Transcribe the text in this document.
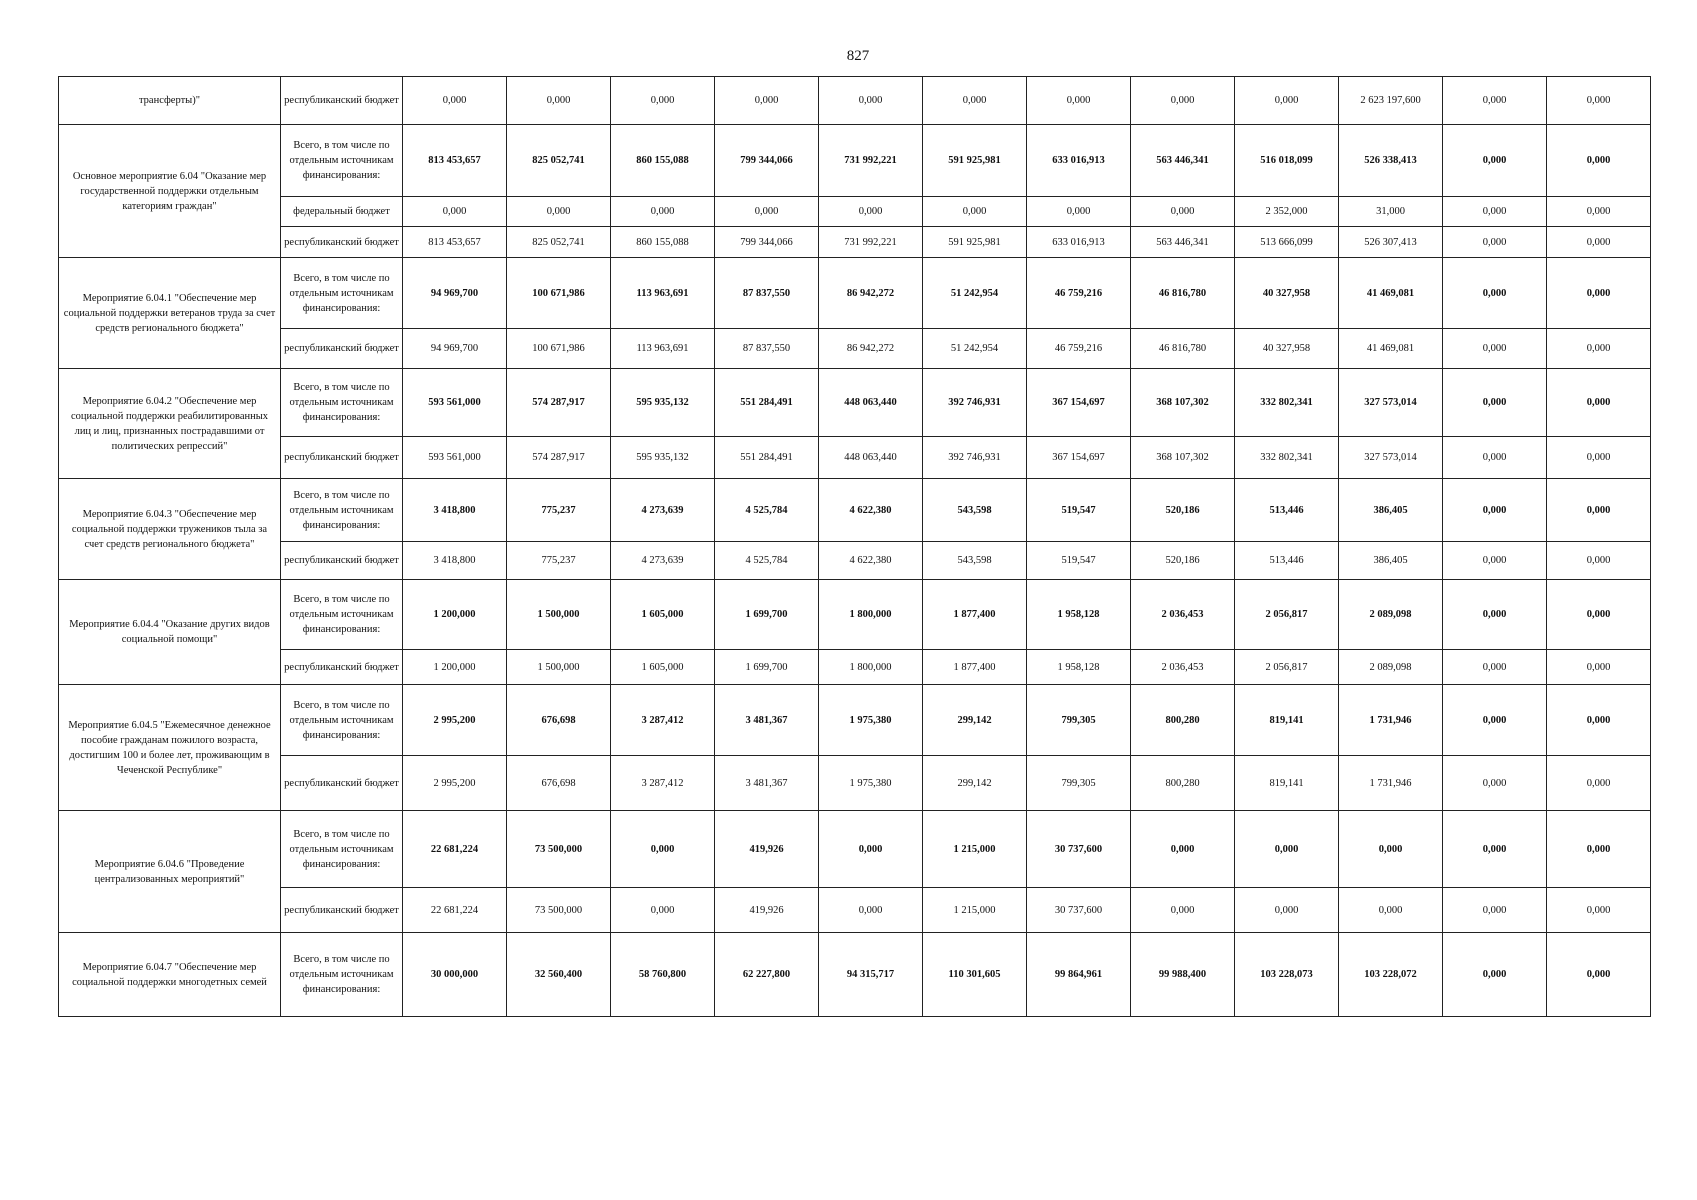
827
трансферты)"	республиканский бюджет	0,000	0,000	0,000	0,000	0,000	0,000	0,000	0,000	0,000	2 623 197,600	0,000	0,000
Основное мероприятие 6.04 "Оказание мер государственной поддержки отдельным категориям граждан"	Всего, в том числе по отдельным источникам финансирования:	813 453,657	825 052,741	860 155,088	799 344,066	731 992,221	591 925,981	633 016,913	563 446,341	516 018,099	526 338,413	0,000	0,000
	федеральный бюджет	0,000	0,000	0,000	0,000	0,000	0,000	0,000	0,000	2 352,000	31,000	0,000	0,000
	республиканский бюджет	813 453,657	825 052,741	860 155,088	799 344,066	731 992,221	591 925,981	633 016,913	563 446,341	513 666,099	526 307,413	0,000	0,000
Мероприятие 6.04.1 "Обеспечение мер социальной поддержки ветеранов труда за счет средств регионального бюджета"	Всего, в том числе по отдельным источникам финансирования:	94 969,700	100 671,986	113 963,691	87 837,550	86 942,272	51 242,954	46 759,216	46 816,780	40 327,958	41 469,081	0,000	0,000
	республиканский бюджет	94 969,700	100 671,986	113 963,691	87 837,550	86 942,272	51 242,954	46 759,216	46 816,780	40 327,958	41 469,081	0,000	0,000
Мероприятие 6.04.2 "Обеспечение мер социальной поддержки реабилитированных лиц и лиц, признанных пострадавшими от политических репрессий"	Всего, в том числе по отдельным источникам финансирования:	593 561,000	574 287,917	595 935,132	551 284,491	448 063,440	392 746,931	367 154,697	368 107,302	332 802,341	327 573,014	0,000	0,000
	республиканский бюджет	593 561,000	574 287,917	595 935,132	551 284,491	448 063,440	392 746,931	367 154,697	368 107,302	332 802,341	327 573,014	0,000	0,000
Мероприятие 6.04.3 "Обеспечение мер социальной поддержки тружеников тыла за счет средств регионального бюджета"	Всего, в том числе по отдельным источникам финансирования:	3 418,800	775,237	4 273,639	4 525,784	4 622,380	543,598	519,547	520,186	513,446	386,405	0,000	0,000
	республиканский бюджет	3 418,800	775,237	4 273,639	4 525,784	4 622,380	543,598	519,547	520,186	513,446	386,405	0,000	0,000
Мероприятие 6.04.4 "Оказание других видов социальной помощи"	Всего, в том числе по отдельным источникам финансирования:	1 200,000	1 500,000	1 605,000	1 699,700	1 800,000	1 877,400	1 958,128	2 036,453	2 056,817	2 089,098	0,000	0,000
	республиканский бюджет	1 200,000	1 500,000	1 605,000	1 699,700	1 800,000	1 877,400	1 958,128	2 036,453	2 056,817	2 089,098	0,000	0,000
Мероприятие 6.04.5 "Ежемесячное денежное пособие гражданам пожилого возраста, достигшим 100 и более лет, проживающим в Чеченской Республике"	Всего, в том числе по отдельным источникам финансирования:	2 995,200	676,698	3 287,412	3 481,367	1 975,380	299,142	799,305	800,280	819,141	1 731,946	0,000	0,000
	республиканский бюджет	2 995,200	676,698	3 287,412	3 481,367	1 975,380	299,142	799,305	800,280	819,141	1 731,946	0,000	0,000
Мероприятие 6.04.6 "Проведение централизованных мероприятий"	Всего, в том числе по отдельным источникам финансирования:	22 681,224	73 500,000	0,000	419,926	0,000	1 215,000	30 737,600	0,000	0,000	0,000	0,000	0,000
	республиканский бюджет	22 681,224	73 500,000	0,000	419,926	0,000	1 215,000	30 737,600	0,000	0,000	0,000	0,000	0,000
Мероприятие 6.04.7 "Обеспечение мер социальной поддержки многодетных семей	Всего, в том числе по отдельным источникам финансирования:	30 000,000	32 560,400	58 760,800	62 227,800	94 315,717	110 301,605	99 864,961	99 988,400	103 228,073	103 228,072	0,000	0,000
